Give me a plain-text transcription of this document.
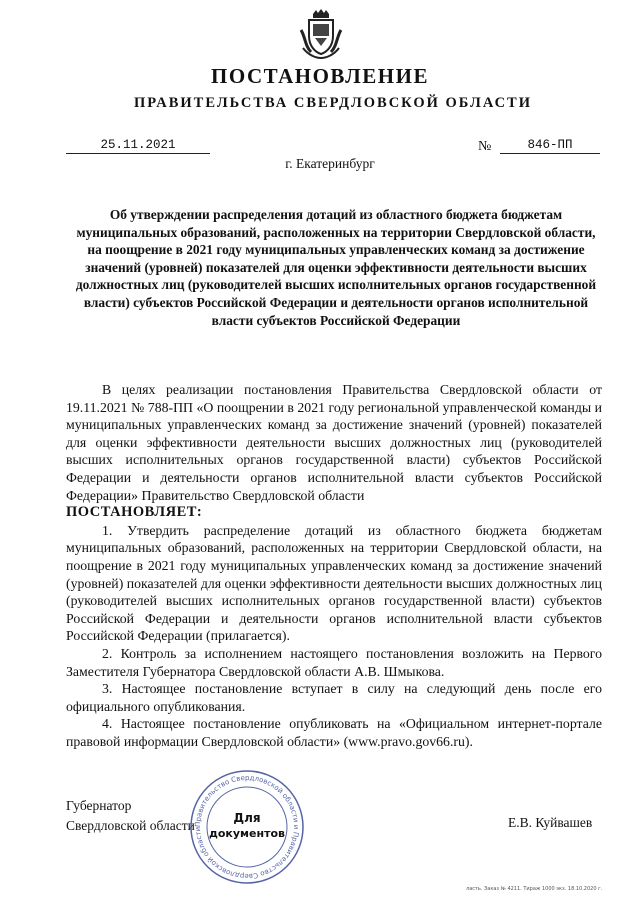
ПОСТАНОВЛЕНИЕ
ПРАВИТЕЛЬСТВА СВЕРДЛОВСКОЙ ОБЛАСТИ
25.11.2021	№	846-ПП
г. Екатеринбург
Об утверждении распределения дотаций из областного бюджета бюджетам муниципальных образований, расположенных на территории Свердловской области, на поощрение в 2021 году муниципальных управленческих команд за достижение значений (уровней) показателей для оценки эффективности деятельности высших должностных лиц (руководителей высших исполнительных органов государственной власти) субъектов Российской Федерации и деятельности органов исполнительной власти субъектов Российской Федерации

В целях реализации постановления Правительства Свердловской области от 19.11.2021 № 788-ПП «О поощрении в 2021 году региональной управленческой команды и муниципальных управленческих команд за достижение значений (уровней) показателей для оценки эффективности деятельности высших должностных лиц (руководителей высших исполнительных органов государственной власти) субъектов Российской Федерации и деятельности органов исполнительной власти субъектов Российской Федерации» Правительство Свердловской области

ПОСТАНОВЛЯЕТ:

1. Утвердить распределение дотаций из областного бюджета бюджетам муниципальных образований, расположенных на территории Свердловской области, на поощрение в 2021 году муниципальных управленческих команд за достижение значений (уровней) показателей для оценки эффективности деятельности высших должностных лиц (руководителей высших исполнительных органов государственной власти) субъектов Российской Федерации и деятельности органов исполнительной власти субъектов Российской Федерации (прилагается).

2. Контроль за исполнением настоящего постановления возложить на Первого Заместителя Губернатора Свердловской области А.В. Шмыкова.

3. Настоящее постановление вступает в силу на следующий день после его официального опубликования.

4. Настоящее постановление опубликовать на «Официальном интернет-портале правовой информации Свердловской области» (www.pravo.gov66.ru).

Губернатор
Свердловской области	Е.В. Куйвашев
Правительство Свердловской области и Правительство Свердловской области
Для
документов
ласть. Заказ № 4211. Тираж 1000 экз. 18.10.2020 г.
